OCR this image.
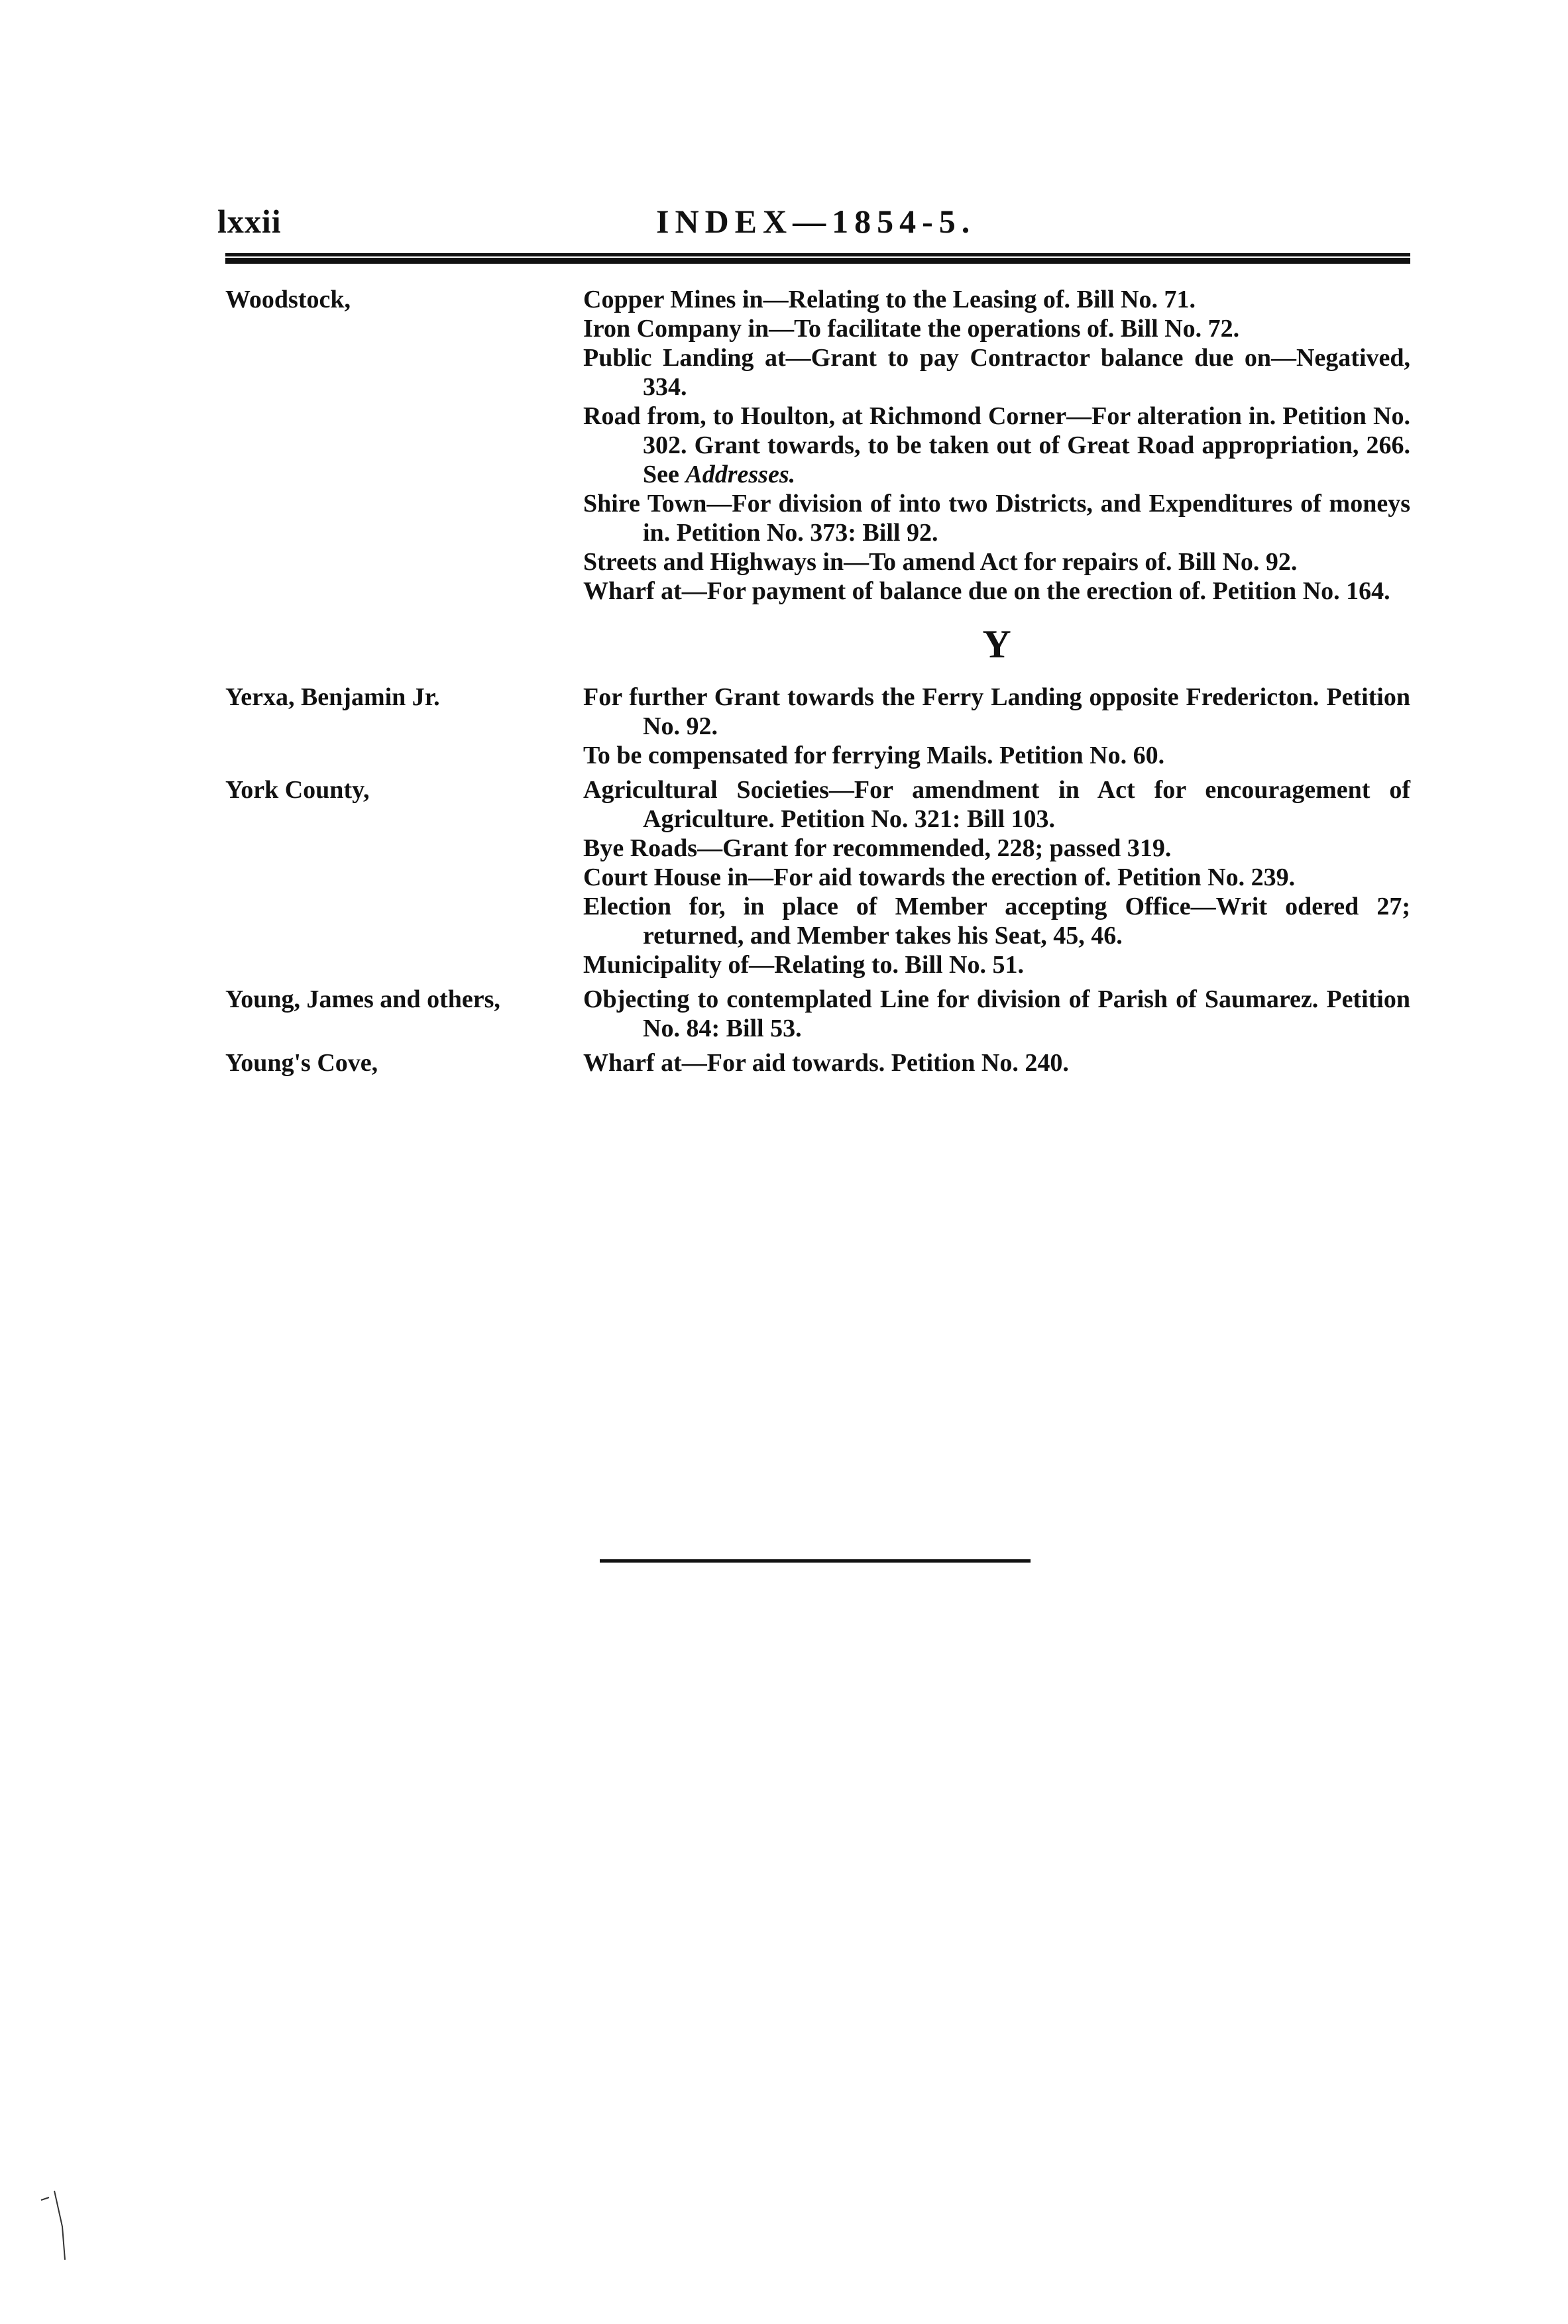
lxxii	INDEX—1854-5.
Woodstock,	Copper Mines in—Relating to the Leasing of. Bill No. 71.
Iron Company in—To facilitate the operations of. Bill No. 72.
Public Landing at—Grant to pay Contractor balance due on—Negatived, 334.
Road from, to Houlton, at Richmond Corner—For alteration in. Petition No. 302. Grant towards, to be taken out of Great Road appropriation, 266. See Addresses.
Shire Town—For division of into two Districts, and Expenditures of moneys in. Petition No. 373: Bill 92.
Streets and Highways in—To amend Act for repairs of. Bill No. 92.
Wharf at—For payment of balance due on the erection of. Petition No. 164.
Y
Yerxa, Benjamin Jr.	For further Grant towards the Ferry Landing opposite Fredericton. Petition No. 92.
To be compensated for ferrying Mails. Petition No. 60.
York County,	Agricultural Societies—For amendment in Act for encouragement of Agriculture. Petition No. 321: Bill 103.
Bye Roads—Grant for recommended, 228; passed 319.
Court House in—For aid towards the erection of. Petition No. 239.
Election for, in place of Member accepting Office—Writ odered 27; returned, and Member takes his Seat, 45, 46.
Municipality of—Relating to. Bill No. 51.
Young, James and others,	Objecting to contemplated Line for division of Parish of Saumarez. Petition No. 84: Bill 53.
Young's Cove,	Wharf at—For aid towards. Petition No. 240.
